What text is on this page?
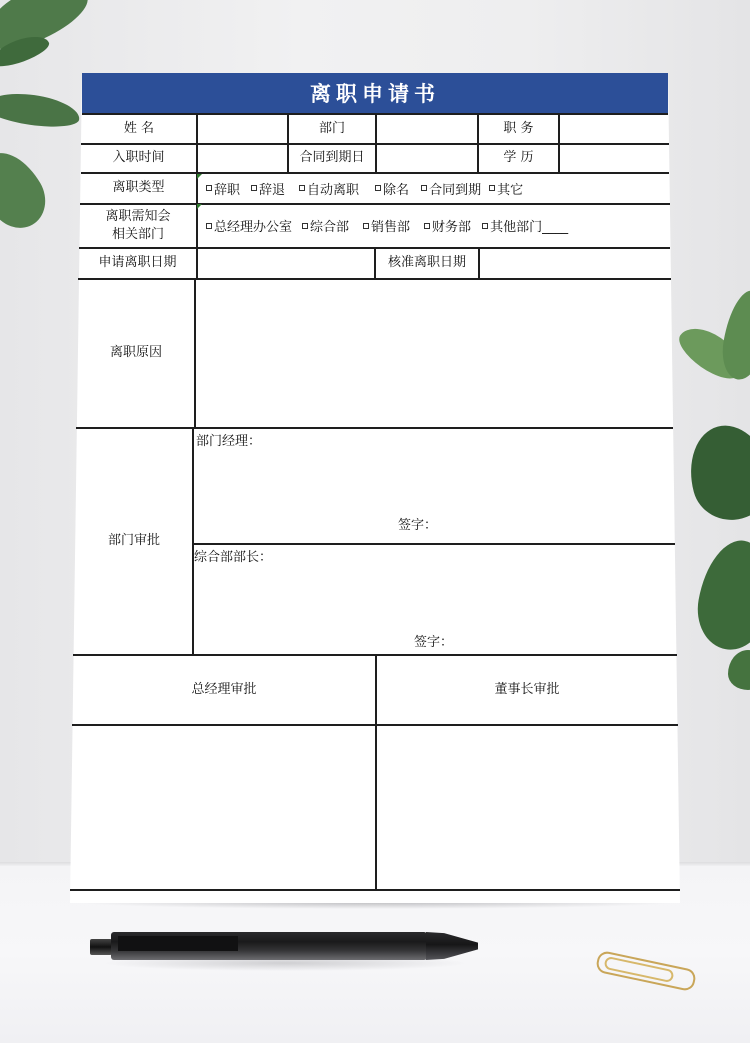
离职申请书
姓 名	部门	职 务
入职时间	合同到期日	学 历
离职类型	辞职 辞退 自动离职 除名 合同到期 其它
离职需知会
相关部门	总经理办公室 综合部 销售部 财务部 其他部门____
申请离职日期	核准离职日期
离职原因
部门审批
部门经理：
签字：
综合部部长：
签字：
总经理审批	董事长审批
